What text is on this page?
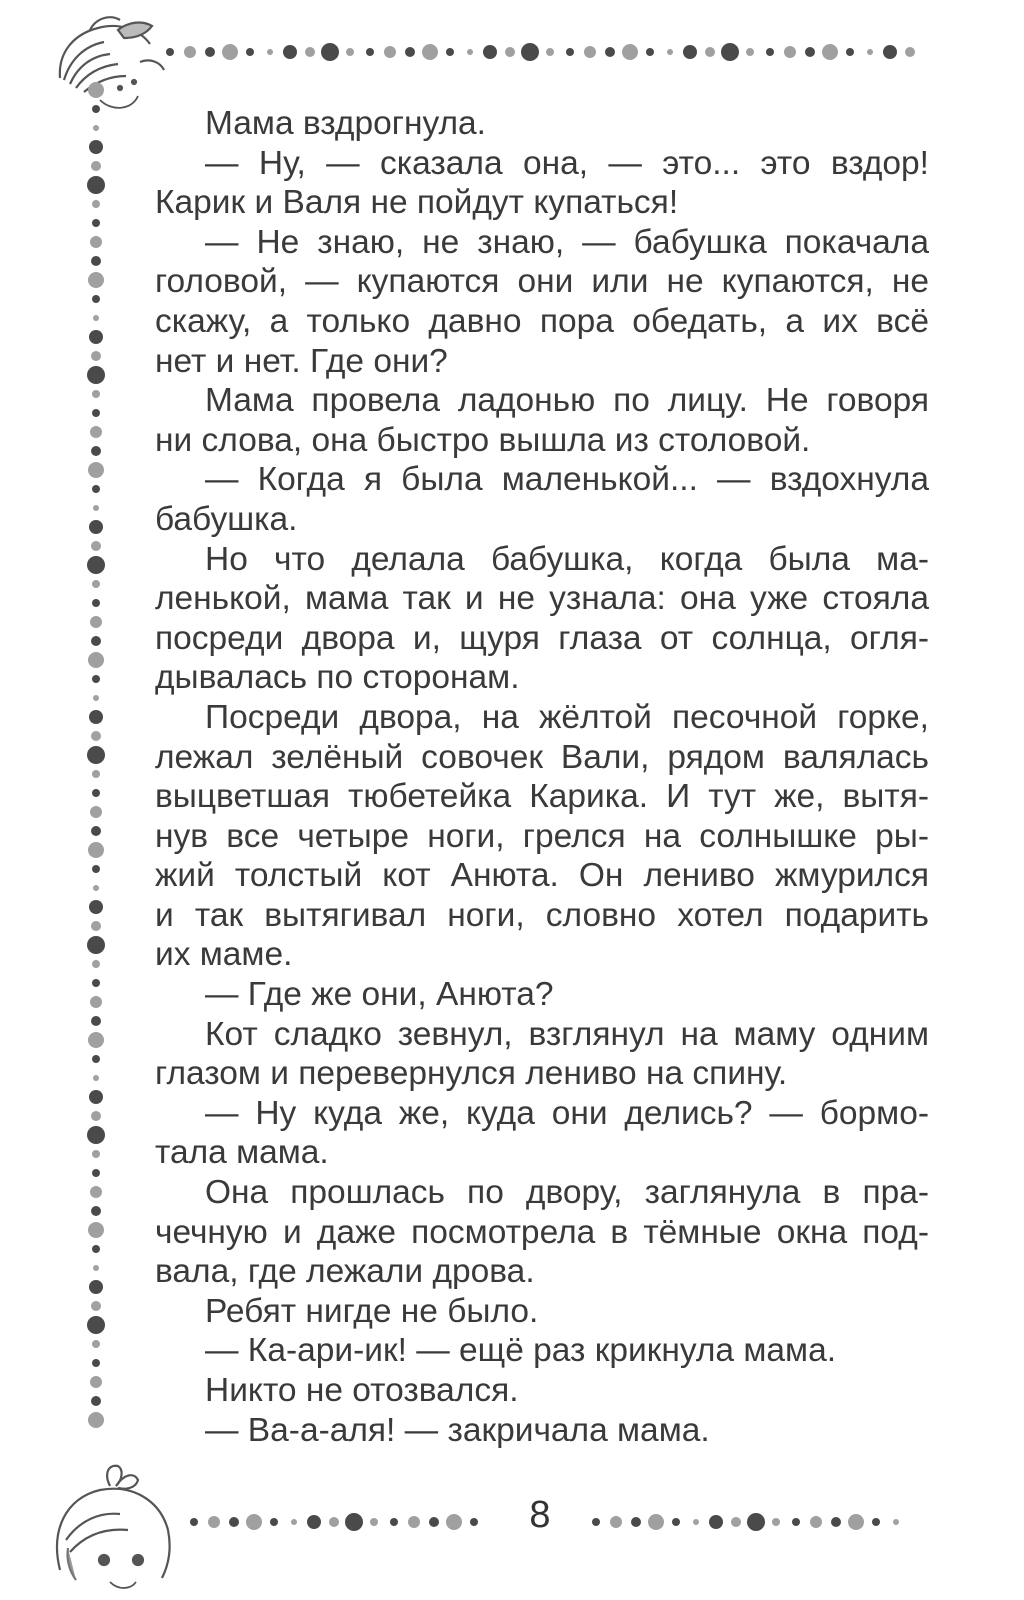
Мама вздрогнула.
— Ну, — сказала она, — это... это вздор!
Карик и Валя не пойдут купаться!
— Не знаю, не знаю, — бабушка покачала
головой, — купаются они или не купаются, не
скажу, а только давно пора обедать, а их всё
нет и нет. Где они?
Мама провела ладонью по лицу. Не говоря
ни слова, она быстро вышла из столовой.
— Когда я была маленькой... — вздохнула
бабушка.
Но что делала бабушка, когда была ма-
ленькой, мама так и не узнала: она уже стояла
посреди двора и, щуря глаза от солнца, огля-
дывалась по сторонам.
Посреди двора, на жёлтой песочной горке,
лежал зелёный совочек Вали, рядом валялась
выцветшая тюбетейка Карика. И тут же, вытя-
нув все четыре ноги, грелся на солнышке ры-
жий толстый кот Анюта. Он лениво жмурился
и так вытягивал ноги, словно хотел подарить
их маме.
— Где же они, Анюта?
Кот сладко зевнул, взглянул на маму одним
глазом и перевернулся лениво на спину.
— Ну куда же, куда они делись? — бормо-
тала мама.
Она прошлась по двору, заглянула в пра-
чечную и даже посмотрела в тёмные окна под-
вала, где лежали дрова.
Ребят нигде не было.
— Ка-ари-ик! — ещё раз крикнула мама.
Никто не отозвался.
— Ва-а-аля! — закричала мама.
8
